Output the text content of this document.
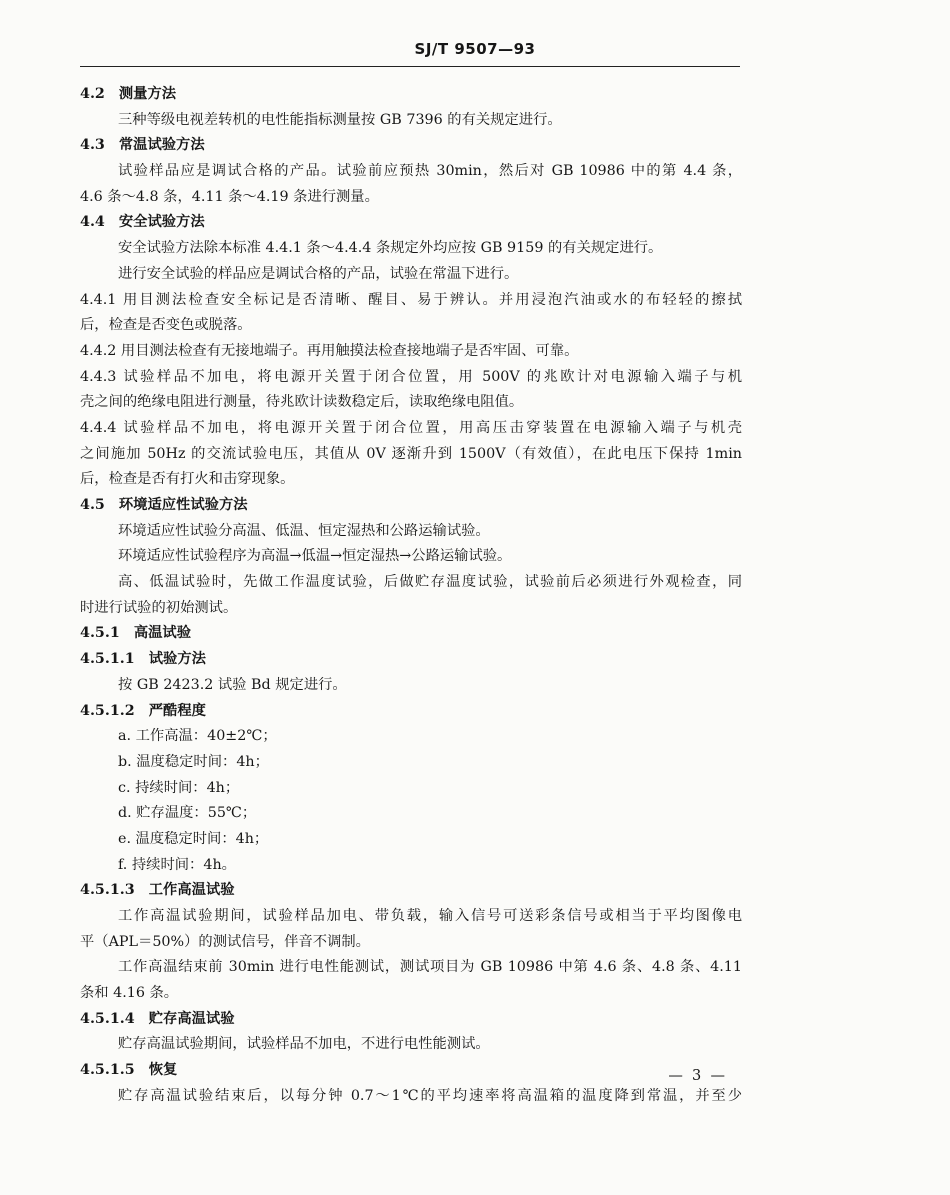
SJ/T 9507—93
4.2 测量方法
三种等级电视差转机的电性能指标测量按 GB 7396 的有关规定进行。
4.3 常温试验方法
试验样品应是调试合格的产品。试验前应预热 30min，然后对 GB 10986 中的第 4.4 条，
4.6 条～4.8 条，4.11 条～4.19 条进行测量。
4.4 安全试验方法
安全试验方法除本标准 4.4.1 条～4.4.4 条规定外均应按 GB 9159 的有关规定进行。
进行安全试验的样品应是调试合格的产品，试验在常温下进行。
4.4.1 用目测法检查安全标记是否清晰、醒目、易于辨认。并用浸泡汽油或水的布轻轻的擦拭
后，检查是否变色或脱落。
4.4.2 用目测法检查有无接地端子。再用触摸法检查接地端子是否牢固、可靠。
4.4.3 试验样品不加电，将电源开关置于闭合位置，用 500V 的兆欧计对电源输入端子与机
壳之间的绝缘电阻进行测量，待兆欧计读数稳定后，读取绝缘电阻值。
4.4.4 试验样品不加电，将电源开关置于闭合位置，用高压击穿装置在电源输入端子与机壳
之间施加 50Hz 的交流试验电压，其值从 0V 逐渐升到 1500V（有效值），在此电压下保持 1min
后，检查是否有打火和击穿现象。
4.5 环境适应性试验方法
环境适应性试验分高温、低温、恒定湿热和公路运输试验。
环境适应性试验程序为高温→低温→恒定湿热→公路运输试验。
高、低温试验时，先做工作温度试验，后做贮存温度试验，试验前后必须进行外观检查，同
时进行试验的初始测试。
4.5.1 高温试验
4.5.1.1 试验方法
按 GB 2423.2 试验 Bd 规定进行。
4.5.1.2 严酷程度
a. 工作高温：40±2℃；
b. 温度稳定时间：4h；
c. 持续时间：4h；
d. 贮存温度：55℃；
e. 温度稳定时间：4h；
f. 持续时间：4h。
4.5.1.3 工作高温试验
工作高温试验期间，试验样品加电、带负载，输入信号可送彩条信号或相当于平均图像电
平（APL＝50%）的测试信号，伴音不调制。
工作高温结束前 30min 进行电性能测试，测试项目为 GB 10986 中第 4.6 条、4.8 条、4.11
条和 4.16 条。
4.5.1.4 贮存高温试验
贮存高温试验期间，试验样品不加电，不进行电性能测试。
4.5.1.5 恢复
贮存高温试验结束后，以每分钟 0.7～1℃的平均速率将高温箱的温度降到常温，并至少
—  3  —
